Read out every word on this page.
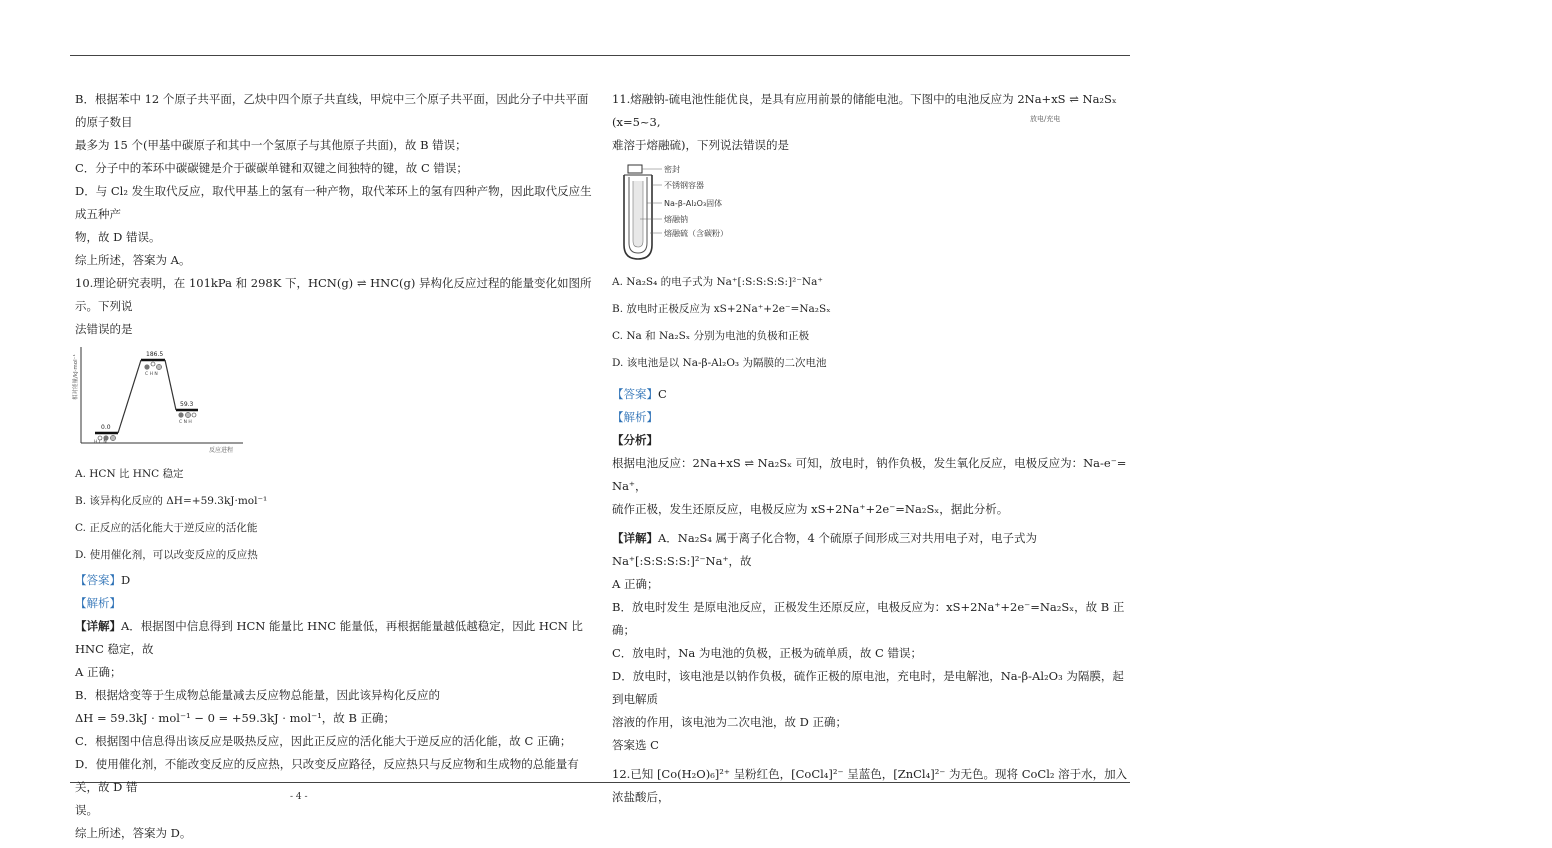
B．根据苯中 12 个原子共平面，乙炔中四个原子共直线，甲烷中三个原子共平面，因此分子中共平面的原子数目

最多为 15 个(甲基中碳原子和其中一个氢原子与其他原子共面)，故 B 错误；

C．分子中的苯环中碳碳键是介于碳碳单键和双键之间独特的键，故 C 错误；

D．与 Cl₂ 发生取代反应，取代甲基上的氢有一种产物，取代苯环上的氢有四种产物，因此取代反应生成五种产

物，故 D 错误。

综上所述，答案为 A。

10.理论研究表明，在 101kPa 和 298K 下，HCN(g) ⇌ HNC(g) 异构化反应过程的能量变化如图所示。下列说

法错误的是

相对能量/kJ·mol⁻¹
反应进程
0.0
186.5
59.3
H C N
C H N
C N H

A. HCN 比 HNC 稳定

B. 该异构化反应的 ΔH=+59.3kJ·mol⁻¹

C. 正反应的活化能大于逆反应的活化能

D. 使用催化剂，可以改变反应的反应热

【答案】D

【解析】

【详解】A．根据图中信息得到 HCN 能量比 HNC 能量低，再根据能量越低越稳定，因此 HCN 比 HNC 稳定，故

A 正确；

B．根据焓变等于生成物总能量减去反应物总能量，因此该异构化反应的

ΔH = 59.3kJ · mol⁻¹ − 0 = +59.3kJ · mol⁻¹，故 B 正确；

C．根据图中信息得出该反应是吸热反应，因此正反应的活化能大于逆反应的活化能，故 C 正确；

D．使用催化剂，不能改变反应的反应热，只改变反应路径，反应热只与反应物和生成物的总能量有关，故 D 错

误。

综上所述，答案为 D。

11.熔融钠-硫电池性能优良，是具有应用前景的储能电池。下图中的电池反应为 2Na+xS ⇌ Na₂Sₓ (x=5~3,

难溶于熔融硫)，下列说法错误的是

放电/充电

密封
不锈钢容器
Na-β-Al₂O₃固体
熔融钠
熔融硫（含碳粉）

A. Na₂S₄ 的电子式为 Na⁺[:S:S:S:S:]²⁻Na⁺

B. 放电时正极反应为 xS+2Na⁺+2e⁻=Na₂Sₓ

C. Na 和 Na₂Sₓ 分别为电池的负极和正极

D. 该电池是以 Na-β-Al₂O₃ 为隔膜的二次电池

【答案】C

【解析】

【分析】

根据电池反应：2Na+xS ⇌ Na₂Sₓ 可知，放电时，钠作负极，发生氧化反应，电极反应为：Na-e⁻= Na⁺，

硫作正极，发生还原反应，电极反应为 xS+2Na⁺+2e⁻=Na₂Sₓ，据此分析。

【详解】A．Na₂S₄ 属于离子化合物，4 个硫原子间形成三对共用电子对，电子式为 Na⁺[:S:S:S:S:]²⁻Na⁺，故

A 正确；

B．放电时发生 是原电池反应，正极发生还原反应，电极反应为：xS+2Na⁺+2e⁻=Na₂Sₓ，故 B 正确；

C．放电时，Na 为电池的负极，正极为硫单质，故 C 错误；

D．放电时，该电池是以钠作负极，硫作正极的原电池，充电时，是电解池，Na-β-Al₂O₃ 为隔膜，起到电解质

溶液的作用，该电池为二次电池，故 D 正确；

答案选 C

12.已知 [Co(H₂O)₆]²⁺ 呈粉红色，[CoCl₄]²⁻ 呈蓝色，[ZnCl₄]²⁻ 为无色。现将 CoCl₂ 溶于水，加入浓盐酸后，

- 4 -
